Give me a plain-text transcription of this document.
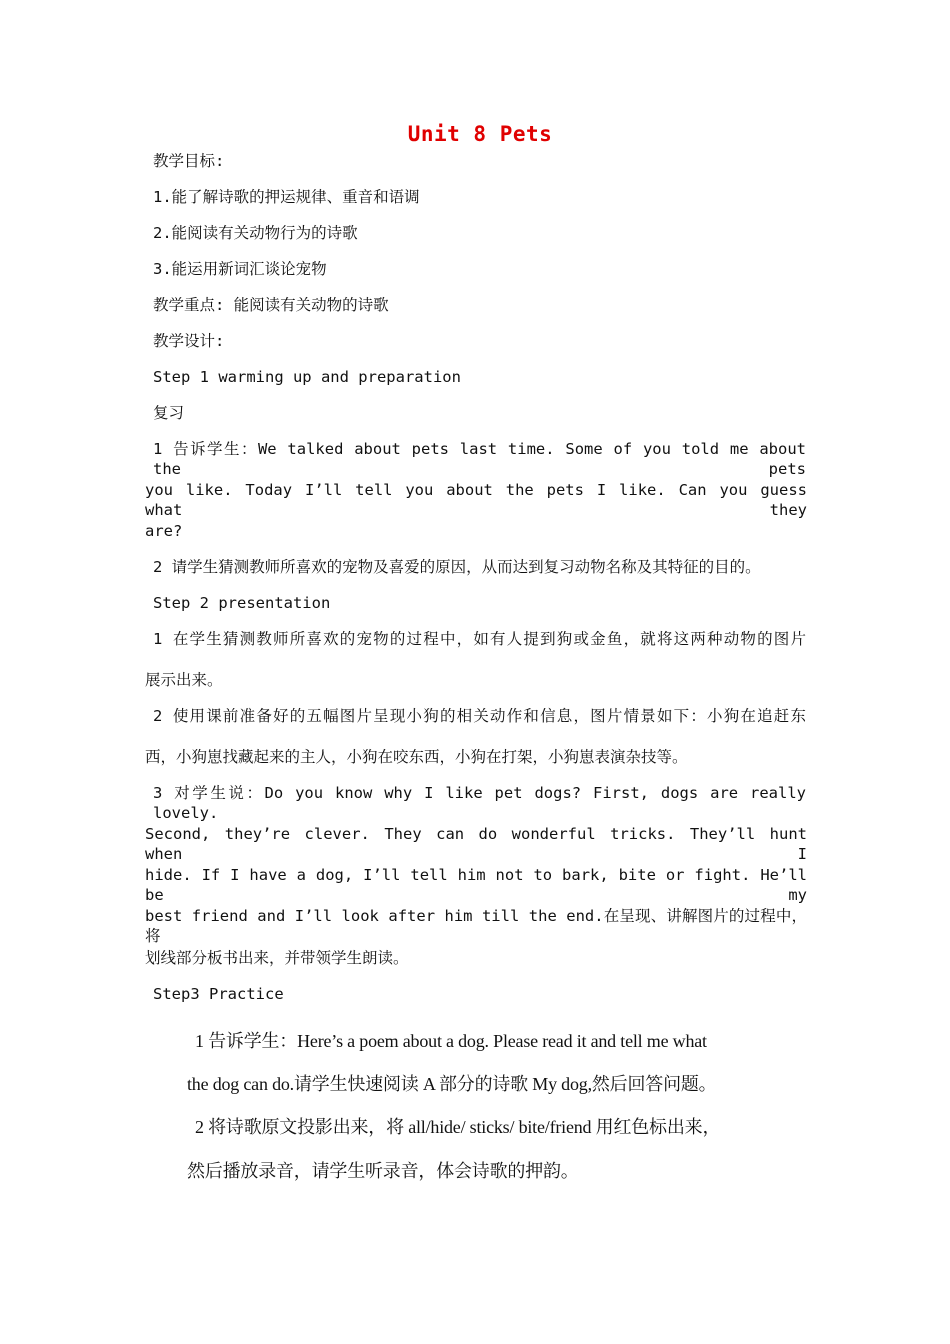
Unit 8 Pets
教学目标:
1.能了解诗歌的押运规律、重音和语调
2.能阅读有关动物行为的诗歌
3.能运用新词汇谈论宠物
教学重点: 能阅读有关动物的诗歌
教学设计:
Step 1 warming up and preparation
复习
1 告诉学生：We talked about pets last time. Some of you told me about the pets
you like. Today I’ll tell you about the pets I like. Can you guess what they
are?
2 请学生猜测教师所喜欢的宠物及喜爱的原因，从而达到复习动物名称及其特征的目的。
Step 2 presentation
1 在学生猜测教师所喜欢的宠物的过程中，如有人提到狗或金鱼，就将这两种动物的图片
展示出来。
2 使用课前准备好的五幅图片呈现小狗的相关动作和信息，图片情景如下：小狗在追赶东
西，小狗崽找藏起来的主人，小狗在咬东西，小狗在打架，小狗崽表演杂技等。
3 对学生说：Do you know why I like pet dogs? First, dogs are really lovely.
Second, they’re clever. They can do wonderful tricks. They’ll hunt when I
hide. If I have a dog, I’ll tell him not to bark, bite or fight. He’ll be my
best friend and I’ll look after him till the end.在呈现、讲解图片的过程中，将
划线部分板书出来，并带领学生朗读。
Step3 Practice
1 告诉学生：Here’s a poem about a dog. Please read it and tell me what
the dog can do.请学生快速阅读 A 部分的诗歌 My dog,然后回答问题。
2 将诗歌原文投影出来，将 all/hide/ sticks/ bite/friend 用红色标出来，
然后播放录音，请学生听录音，体会诗歌的押韵。
